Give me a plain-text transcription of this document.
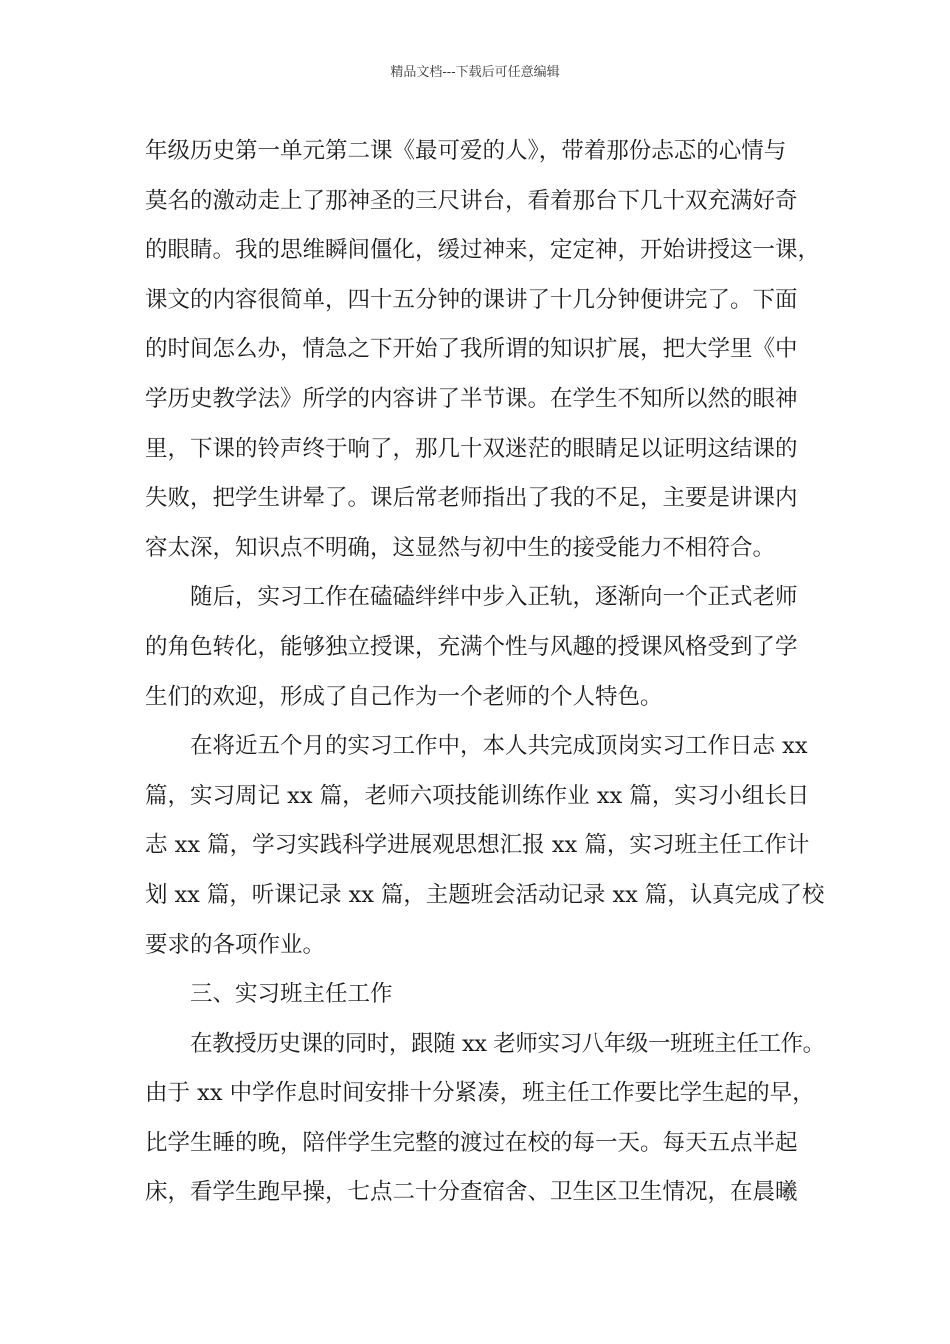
精品文档---下载后可任意编辑
年级历史第一单元第二课《最可爱的人》，带着那份忐忑的心情与
莫名的激动走上了那神圣的三尺讲台，看着那台下几十双充满好奇
的眼睛。我的思维瞬间僵化，缓过神来，定定神，开始讲授这一课，
课文的内容很简单，四十五分钟的课讲了十几分钟便讲完了。下面
的时间怎么办，情急之下开始了我所谓的知识扩展，把大学里《中
学历史教学法》所学的内容讲了半节课。在学生不知所以然的眼神
里，下课的铃声终于响了，那几十双迷茫的眼睛足以证明这结课的
失败，把学生讲晕了。课后常老师指出了我的不足，主要是讲课内
容太深，知识点不明确，这显然与初中生的接受能力不相符合。
随后，实习工作在磕磕绊绊中步入正轨，逐渐向一个正式老师
的角色转化，能够独立授课，充满个性与风趣的授课风格受到了学
生们的欢迎，形成了自己作为一个老师的个人特色。
在将近五个月的实习工作中，本人共完成顶岗实习工作日志 xx
篇，实习周记 xx 篇，老师六项技能训练作业 xx 篇，实习小组长日
志 xx 篇，学习实践科学进展观思想汇报 xx 篇，实习班主任工作计
划 xx 篇，听课记录 xx 篇，主题班会活动记录 xx 篇，认真完成了校
要求的各项作业。
三、实习班主任工作
在教授历史课的同时，跟随 xx 老师实习八年级一班班主任工作。
由于 xx 中学作息时间安排十分紧凑，班主任工作要比学生起的早，
比学生睡的晚，陪伴学生完整的渡过在校的每一天。每天五点半起
床，看学生跑早操，七点二十分查宿舍、卫生区卫生情况，在晨曦
